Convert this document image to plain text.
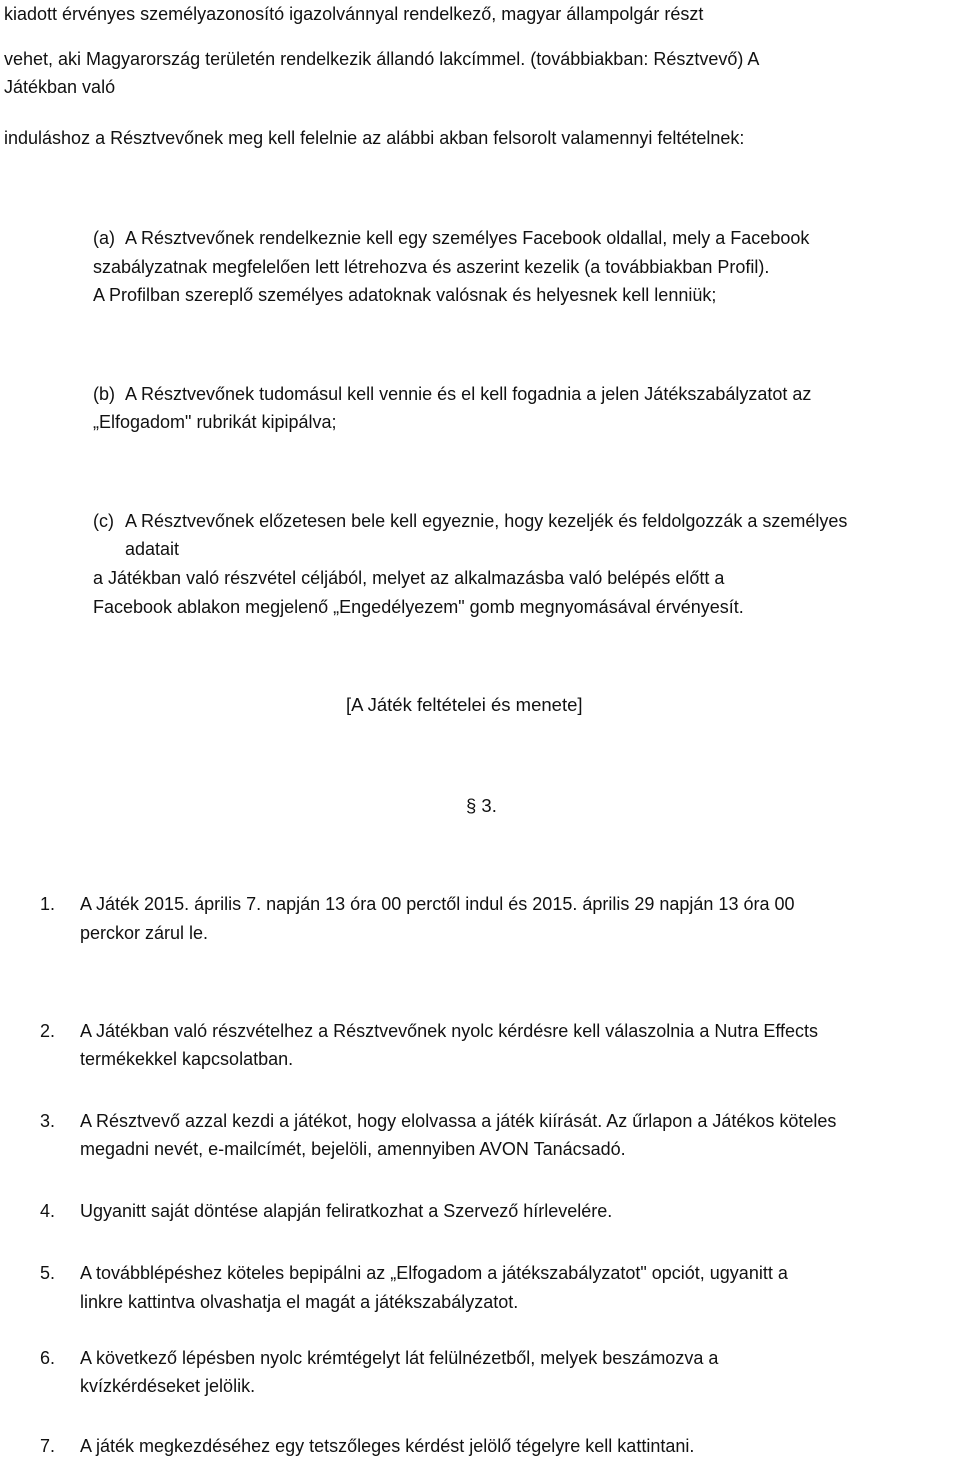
kiadott érvényes személyazonosító igazolvánnyal rendelkező, magyar állampolgár részt
vehet, aki Magyarország területén rendelkezik állandó lakcímmel. (továbbiakban: Résztvevő) A
Játékban való
induláshoz a Résztvevőnek meg kell felelnie az alábbi akban felsorolt valamennyi feltételnek:
(a) A Résztvevőnek rendelkeznie kell egy személyes Facebook oldallal, mely a Facebook
szabályzatnak megfelelően lett létrehozva és aszerint kezelik (a továbbiakban Profil).
A Profilban szereplő személyes adatoknak valósnak és helyesnek kell lenniük;
(b) A Résztvevőnek tudomásul kell vennie és el kell fogadnia a jelen Játékszabályzatot az
„Elfogadom" rubrikát kipipálva;
(c) A Résztvevőnek előzetesen bele kell egyeznie, hogy kezeljék és feldolgozzák a személyes
adatait
a Játékban való részvétel céljából, melyet az alkalmazásba való belépés előtt a
Facebook ablakon megjelenő „Engedélyezem" gomb megnyomásával érvényesít.
[A Játék feltételei és menete]
§ 3.
1. A Játék 2015. április 7. napján 13 óra 00 perctől indul és 2015. április 29 napján 13 óra 00
perckor zárul le.
2. A Játékban való részvételhez a Résztvevőnek nyolc kérdésre kell válaszolnia a Nutra Effects
termékekkel kapcsolatban.
3. A Résztvevő azzal kezdi a játékot, hogy elolvassa a játék kiírását. Az űrlapon a Játékos köteles
megadni nevét, e-mailcímét, bejelöli, amennyiben AVON Tanácsadó.
4. Ugyanitt saját döntése alapján feliratkozhat a Szervező hírlevelére.
5. A továbblépéshez köteles bepipálni az „Elfogadom a játékszabályzatot" opciót, ugyanitt a
linkre kattintva olvashatja el magát a játékszabályzatot.
6. A következő lépésben nyolc krémtégelyt lát felülnézetből, melyek beszámozva a
kvízkérdéseket jelölik.
7. A játék megkezdéséhez egy tetszőleges kérdést jelölő tégelyre kell kattintani.
